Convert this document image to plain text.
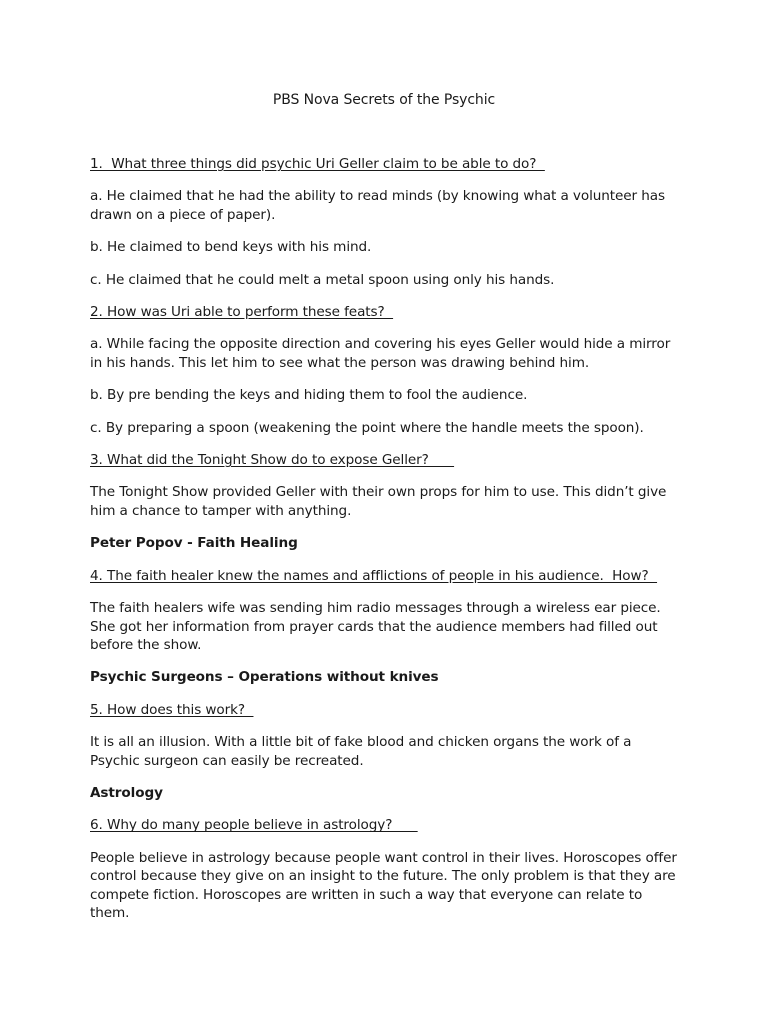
PBS Nova Secrets of the Psychic

1.  What three things did psychic Uri Geller claim to be able to do?

a. He claimed that he had the ability to read minds (by knowing what a volunteer has drawn on a piece of paper).

b. He claimed to bend keys with his mind.

c. He claimed that he could melt a metal spoon using only his hands.

2. How was Uri able to perform these feats?

a. While facing the opposite direction and covering his eyes Geller would hide a mirror in his hands. This let him to see what the person was drawing behind him.

b. By pre bending the keys and hiding them to fool the audience.

c. By preparing a spoon (weakening the point where the handle meets the spoon).

3. What did the Tonight Show do to expose Geller?

The Tonight Show provided Geller with their own props for him to use. This didn’t give him a chance to tamper with anything.

Peter Popov - Faith Healing

4. The faith healer knew the names and afflictions of people in his audience.  How?

The faith healers wife was sending him radio messages through a wireless ear piece. She got her information from prayer cards that the audience members had filled out before the show.

Psychic Surgeons – Operations without knives

5. How does this work?

It is all an illusion. With a little bit of fake blood and chicken organs the work of a Psychic surgeon can easily be recreated.

Astrology

6. Why do many people believe in astrology?

People believe in astrology because people want control in their lives. Horoscopes offer control because they give on an insight to the future. The only problem is that they are compete fiction. Horoscopes are written in such a way that everyone can relate to them.
